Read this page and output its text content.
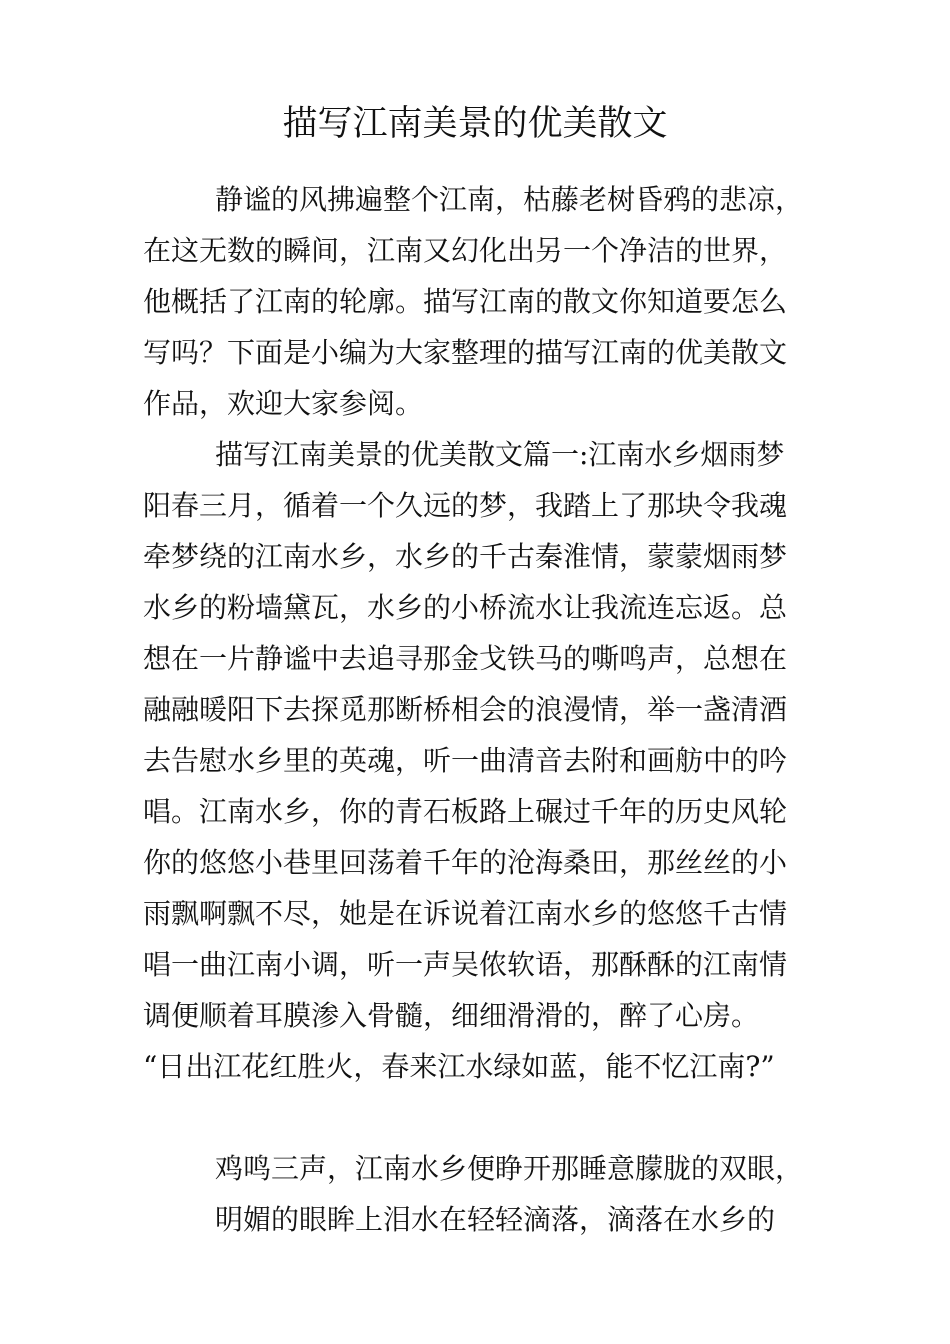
描写江南美景的优美散文
静谧的风拂遍整个江南，枯藤老树昏鸦的悲凉，
在这无数的瞬间，江南又幻化出另一个净洁的世界，
他概括了江南的轮廓。描写江南的散文你知道要怎么
写吗？下面是小编为大家整理的描写江南的优美散文
作品，欢迎大家参阅。
描写江南美景的优美散文篇一:江南水乡烟雨梦
阳春三月，循着一个久远的梦，我踏上了那块令我魂
牵梦绕的江南水乡，水乡的千古秦淮情，蒙蒙烟雨梦
水乡的粉墙黛瓦，水乡的小桥流水让我流连忘返。总
想在一片静谧中去追寻那金戈铁马的嘶鸣声，总想在
融融暖阳下去探觅那断桥相会的浪漫情，举一盏清酒
去告慰水乡里的英魂，听一曲清音去附和画舫中的吟
唱。江南水乡，你的青石板路上碾过千年的历史风轮
你的悠悠小巷里回荡着千年的沧海桑田，那丝丝的小
雨飘啊飘不尽，她是在诉说着江南水乡的悠悠千古情
唱一曲江南小调，听一声吴侬软语，那酥酥的江南情
调便顺着耳膜渗入骨髓，细细滑滑的，醉了心房。
“日出江花红胜火，春来江水绿如蓝，能不忆江南?”
鸡鸣三声，江南水乡便睁开那睡意朦胧的双眼，
明媚的眼眸上泪水在轻轻滴落，滴落在水乡的
